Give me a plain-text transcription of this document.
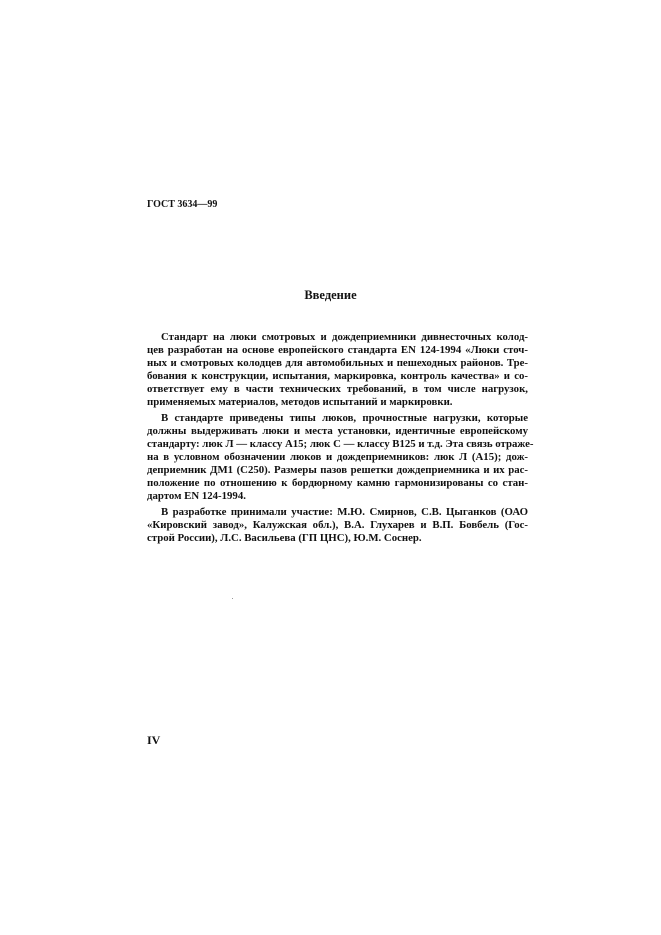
ГОСТ 3634—99
Введение
Стандарт на люки смотровых и дождеприемники дивнесточных колод-
цев разработан на основе европейского стандарта EN 124-1994 «Люки сточ-
ных и смотровых колодцев для автомобильных и пешеходных районов. Тре-
бования к конструкции, испытания, маркировка, контроль качества» и со-
ответствует ему в части технических требований, в том числе нагрузок,
применяемых материалов, методов испытаний и маркировки.
В стандарте приведены типы люков, прочностные нагрузки, которые
должны выдерживать люки и места установки, идентичные европейскому
стандарту: люк Л — классу А15; люк С — классу В125 и т.д. Эта связь отраже-
на в условном обозначении люков и дождеприемников: люк Л (А15); дож-
деприемник ДМ1 (С250). Размеры пазов решетки дождеприемника и их рас-
положение по отношению к бордюрному камню гармонизированы со стан-
дартом EN 124-1994.
В разработке принимали участие: М.Ю. Смирнов, С.В. Цыганков (ОАО
«Кировский завод», Калужская обл.), В.А. Глухарев и В.П. Бовбель (Гос-
строй России), Л.С. Васильева (ГП ЦНС), Ю.М. Соснер.
IV
